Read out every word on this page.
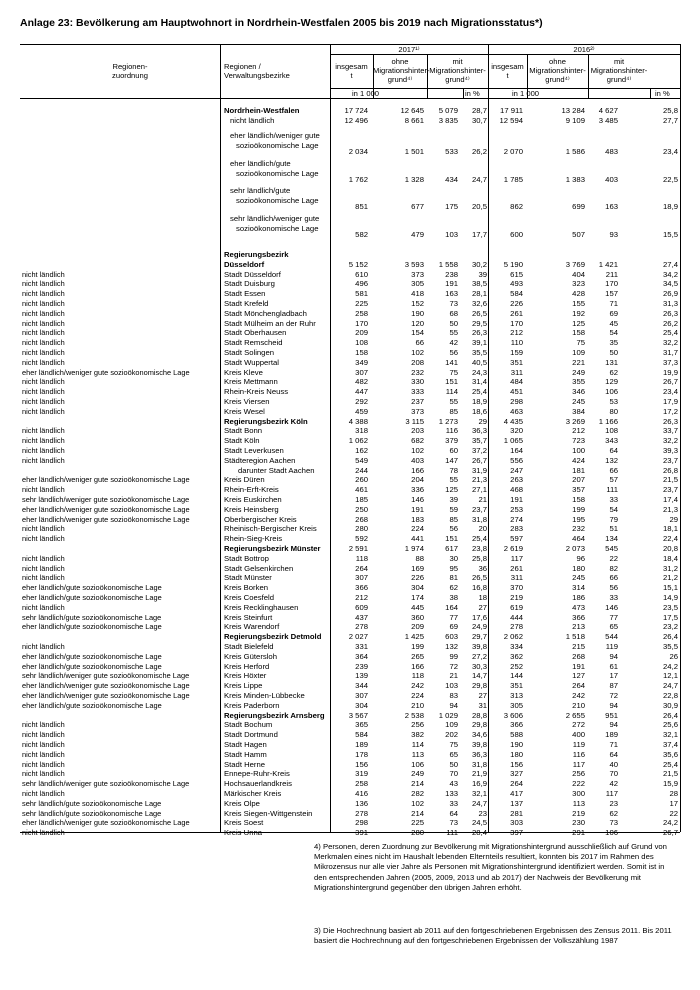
Anlage 23: Bevölkerung am Hauptwohnort in Nordrhein-Westfalen 2005 bis 2019 nach Migrationsstatus*)
Regionen-
zuordnung
Regionen /
Verwaltungsbezirke
2017¹⁾	2016²⁾
insgesam
t
ohne
Migrationshinter-
grund⁴⁾
mit
Migrationshinter-
grund⁴⁾
insgesam
t
ohne
Migrationshinter-
grund⁴⁾
mit
Migrationshinter-
grund⁴⁾
in 1 000	in %	in 1 000	in %
Nordrhein-Westfalen	17 724	12 645	5 079	28,7	17 911	13 284	4 627	25,8
nicht ländlich	12 496	8 661	3 835	30,7	12 594	9 109	3 485	27,7
eher ländlich/weniger gute
sozioökonomische Lage
2 034	1 501	533	26,2	2 070	1 586	483	23,4
eher ländlich/gute
sozioökonomische Lage
1 762	1 328	434	24,7	1 785	1 383	403	22,5
sehr ländlich/gute
sozioökonomische Lage
851	677	175	20,5	862	699	163	18,9
sehr ländlich/weniger gute
sozioökonomische Lage
582	479	103	17,7	600	507	93	15,5
Regierungsbezirk
Düsseldorf	5 152	3 593	1 558	30,2	5 190	3 769	1 421	27,4
nicht ländlich	Stadt Düsseldorf	610	373	238	39	615	404	211	34,2
nicht ländlich	Stadt Duisburg	496	305	191	38,5	493	323	170	34,5
nicht ländlich	Stadt Essen	581	418	163	28,1	584	428	157	26,9
nicht ländlich	Stadt Krefeld	225	152	73	32,6	226	155	71	31,3
nicht ländlich	Stadt Mönchengladbach	258	190	68	26,5	261	192	69	26,3
nicht ländlich	Stadt Mülheim an der Ruhr	170	120	50	29,5	170	125	45	26,2
nicht ländlich	Stadt Oberhausen	209	154	55	26,3	212	158	54	25,4
nicht ländlich	Stadt Remscheid	108	66	42	39,1	110	75	35	32,2
nicht ländlich	Stadt Solingen	158	102	56	35,5	159	109	50	31,7
nicht ländlich	Stadt Wuppertal	349	208	141	40,5	351	221	131	37,3
eher ländlich/weniger gute sozioökonomische Lage	Kreis Kleve	307	232	75	24,3	311	249	62	19,9
nicht ländlich	Kreis Mettmann	482	330	151	31,4	484	355	129	26,7
nicht ländlich	Rhein-Kreis Neuss	447	333	114	25,4	451	346	106	23,4
nicht ländlich	Kreis Viersen	292	237	55	18,9	298	245	53	17,9
nicht ländlich	Kreis Wesel	459	373	85	18,6	463	384	80	17,2
Regierungsbezirk Köln	4 388	3 115	1 273	29	4 435	3 269	1 166	26,3
nicht ländlich	Stadt Bonn	318	203	116	36,3	320	212	108	33,7
nicht ländlich	Stadt Köln	1 062	682	379	35,7	1 065	723	343	32,2
nicht ländlich	Stadt Leverkusen	162	102	60	37,2	164	100	64	39,3
nicht ländlich	Städteregion Aachen	549	403	147	26,7	556	424	132	23,7
darunter Stadt Aachen	244	166	78	31,9	247	181	66	26,8
eher ländlich/weniger gute sozioökonomische Lage	Kreis Düren	260	204	55	21,3	263	207	57	21,5
nicht ländlich	Rhein-Erft-Kreis	461	336	125	27,1	468	357	111	23,7
sehr ländlich/weniger gute sozioökonomische Lage	Kreis Euskirchen	185	146	39	21	191	158	33	17,4
eher ländlich/weniger gute sozioökonomische Lage	Kreis Heinsberg	250	191	59	23,7	253	199	54	21,3
eher ländlich/weniger gute sozioökonomische Lage	Oberbergischer Kreis	268	183	85	31,8	274	195	79	29
nicht ländlich	Rheinisch-Bergischer Kreis	280	224	56	20	283	232	51	18,1
nicht ländlich	Rhein-Sieg-Kreis	592	441	151	25,4	597	464	134	22,4
Regierungsbezirk Münster	2 591	1 974	617	23,8	2 619	2 073	545	20,8
nicht ländlich	Stadt Bottrop	118	88	30	25,8	117	96	22	18,4
nicht ländlich	Stadt Gelsenkirchen	264	169	95	36	261	180	82	31,2
nicht ländlich	Stadt Münster	307	226	81	26,5	311	245	66	21,2
eher ländlich/gute sozioökonomische Lage	Kreis Borken	366	304	62	16,8	370	314	56	15,1
eher ländlich/gute sozioökonomische Lage	Kreis Coesfeld	212	174	38	18	219	186	33	14,9
nicht ländlich	Kreis Recklinghausen	609	445	164	27	619	473	146	23,5
sehr ländlich/gute sozioökonomische Lage	Kreis Steinfurt	437	360	77	17,6	444	366	77	17,5
eher ländlich/gute sozioökonomische Lage	Kreis Warendorf	278	209	69	24,9	278	213	65	23,2
Regierungsbezirk Detmold	2 027	1 425	603	29,7	2 062	1 518	544	26,4
nicht ländlich	Stadt Bielefeld	331	199	132	39,8	334	215	119	35,5
eher ländlich/gute sozioökonomische Lage	Kreis Gütersloh	364	265	99	27,2	362	268	94	26
eher ländlich/gute sozioökonomische Lage	Kreis Herford	239	166	72	30,3	252	191	61	24,2
sehr ländlich/weniger gute sozioökonomische Lage	Kreis Höxter	139	118	21	14,7	144	127	17	12,1
eher ländlich/weniger gute sozioökonomische Lage	Kreis Lippe	344	242	103	29,8	351	264	87	24,7
eher ländlich/weniger gute sozioökonomische Lage	Kreis Minden-Lübbecke	307	224	83	27	313	242	72	22,8
eher ländlich/gute sozioökonomische Lage	Kreis Paderborn	304	210	94	31	305	210	94	30,9
Regierungsbezirk Arnsberg	3 567	2 538	1 029	28,8	3 606	2 655	951	26,4
nicht ländlich	Stadt Bochum	365	256	109	29,8	366	272	94	25,6
nicht ländlich	Stadt Dortmund	584	382	202	34,6	588	400	189	32,1
nicht ländlich	Stadt Hagen	189	114	75	39,8	190	119	71	37,4
nicht ländlich	Stadt Hamm	178	113	65	36,3	180	116	64	35,6
nicht ländlich	Stadt Herne	156	106	50	31,8	156	117	40	25,4
nicht ländlich	Ennepe-Ruhr-Kreis	319	249	70	21,9	327	256	70	21,5
sehr ländlich/weniger gute sozioökonomische Lage	Hochsauerlandkreis	258	214	43	16,9	264	222	42	15,9
nicht ländlich	Märkischer Kreis	416	282	133	32,1	417	300	117	28
sehr ländlich/gute sozioökonomische Lage	Kreis Olpe	136	102	33	24,7	137	113	23	17
sehr ländlich/gute sozioökonomische Lage	Kreis Siegen-Wittgenstein	278	214	64	23	281	219	62	22
eher ländlich/weniger gute sozioökonomische Lage	Kreis Soest	298	225	73	24,5	303	230	73	24,2
nicht ländlich	Kreis Unna	391	280	111	28,4	397	291	106	26,7
4) Personen, deren Zuordnung zur Bevölkerung mit Migrationshintergrund ausschließlich auf Grund von Merkmalen eines nicht im Haushalt lebenden Elternteils resultiert, konnten bis 2017 im Rahmen des Mikrozensus nur alle vier Jahre als Personen mit Migrationshintergrund identifiziert werden. Somit ist in den entsprechenden Jahren (2005, 2009, 2013 und ab 2017) der Nachweis der Bevölkerung mit Migrationshintergrund gegenüber den übrigen Jahren erhöht.
3) Die Hochrechnung basiert ab 2011 auf den fortgeschriebenen Ergebnissen des Zensus 2011. Bis 2011 basiert die Hochrechnung auf den fortgeschriebenen Ergebnissen der Volkszählung 1987
